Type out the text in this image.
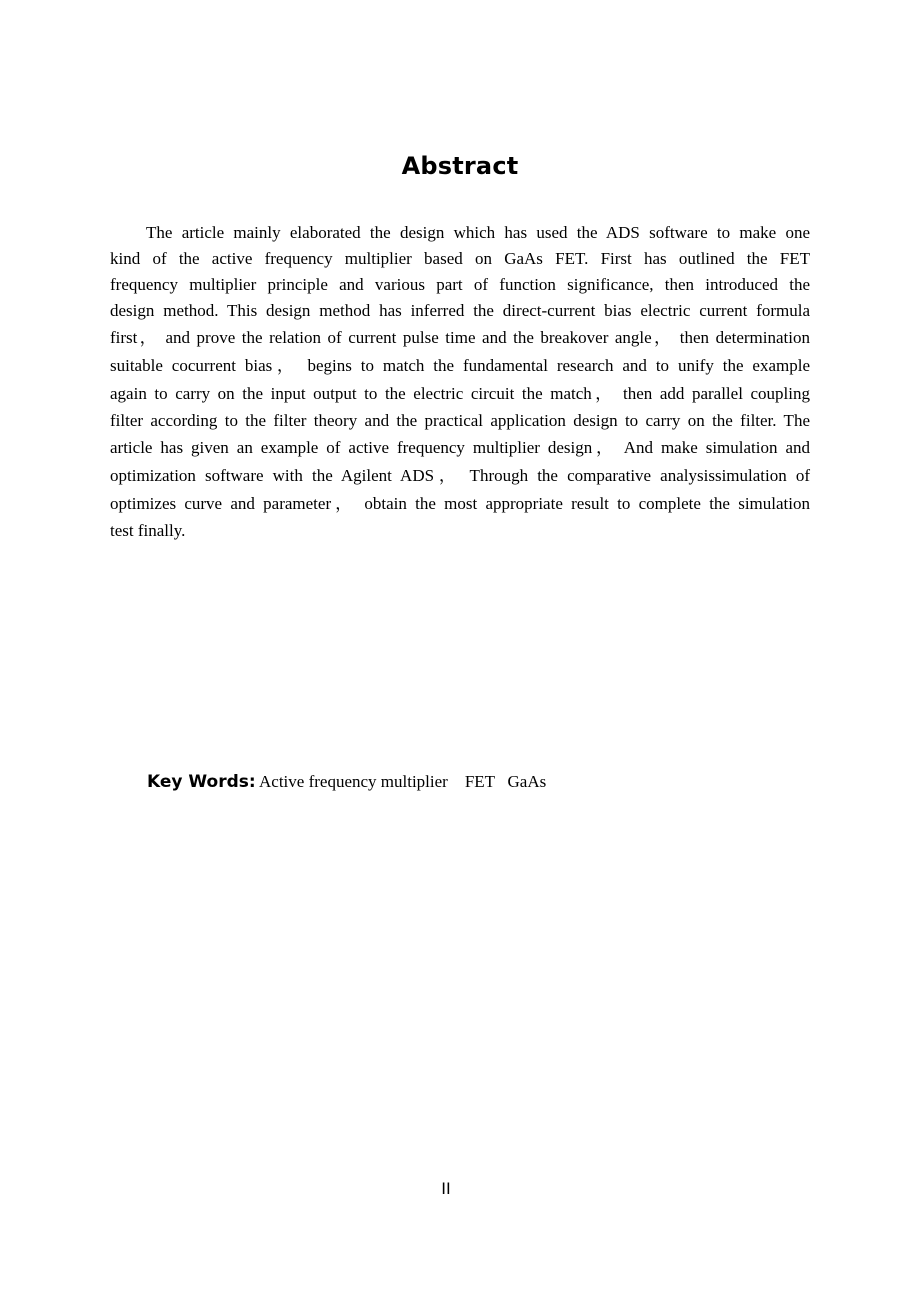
Abstract
The article mainly elaborated the design which has used the ADS software to make one
kind of the active frequency multiplier based on GaAs FET. First has outlined the FET
frequency multiplier principle and various part of function significance, then introduced the
design method. This design method has inferred the direct-current bias electric current formula
first， and prove the relation of current pulse time and the breakover angle， then determination
suitable cocurrent bias， begins to match the fundamental research and to unify the example
again to carry on the input output to the electric circuit the match， then add parallel coupling
filter according to the filter theory and the practical application design to carry on the filter. The
article has given an example of active frequency multiplier design， And make simulation and
optimization software with the Agilent ADS， Through the comparative analysissimulation of
optimizes curve and parameter， obtain the most appropriate result to complete the simulation
test finally.
Key Words: Active frequency multiplier    FET   GaAs
II
